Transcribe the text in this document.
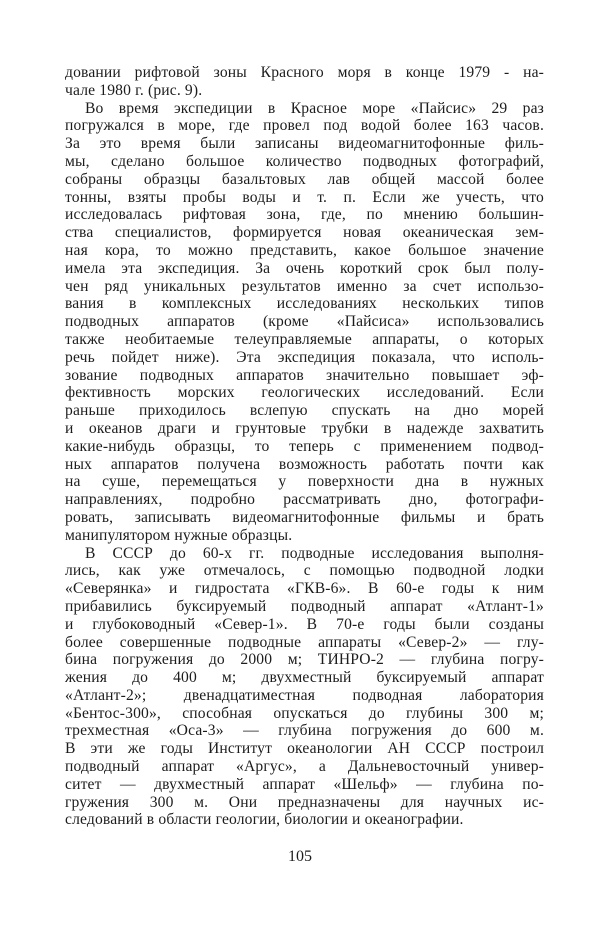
дoвании рифтовой зоны Красного моря в конце 1979 - на-
чале 1980 г. (рис. 9).
Во время экспедиции в Красное море «Пайсис» 29 раз
погружался в море, где провел под водой более 163 часов.
За это время были записаны видеомагнитофонные филь-
мы, сделано большое количество подводных фотографий,
собраны образцы базальтовых лав общей массой более
тонны, взяты пробы воды и т. п. Если же учесть, что
исследовалась рифтовая зона, где, по мнению большин-
ства специалистов, формируется новая океаническая зем-
ная кора, то можно представить, какое большое значение
имела эта экспедиция. За очень короткий срок был полу-
чен ряд уникальных результатов именно за счет использо-
вания в комплексных исследованиях нескольких типов
подводных аппаратов (кроме «Пайсиса» использовались
также необитаемые телеуправляемые аппараты, о которых
речь пойдет ниже). Эта экспедиция показала, что исполь-
зование подводных аппаратов значительно повышает эф-
фективность морских геологических исследований. Если
раньше приходилось вслепую спускать на дно морей
и океанов драги и грунтовые трубки в надежде захватить
какие-нибудь образцы, то теперь с применением подвод-
ных аппаратов получена возможность работать почти как
на суше, перемещаться у поверхности дна в нужных
направлениях, подробно рассматривать дно, фотографи-
ровать, записывать видеомагнитофонные фильмы и брать
манипулятором нужные образцы.
В СССР до 60-х гг. подводные исследования выполня-
лись, как уже отмечалось, с помощью подводной лодки
«Северянка» и гидростата «ГКВ-6». В 60-е годы к ним
прибавились буксируемый подводный аппарат «Атлант-1»
и глубоководный «Север-1». В 70-е годы были созданы
более совершенные подводные аппараты «Север-2» — глу-
бина погружения до 2000 м; ТИНРО-2 — глубина погру-
жения до 400 м; двухместный буксируемый аппарат
«Атлант-2»; двенадцатиместная подводная лаборатория
«Бентос-300», способная опускаться до глубины 300 м;
трехместная «Оса-3» — глубина погружения до 600 м.
В эти же годы Институт океанологии АН СССР построил
подводный аппарат «Аргус», а Дальневосточный универ-
ситет — двухместный аппарат «Шельф» — глубина по-
гружения 300 м. Они предназначены для научных ис-
следований в области геологии, биологии и океанографии.
105
